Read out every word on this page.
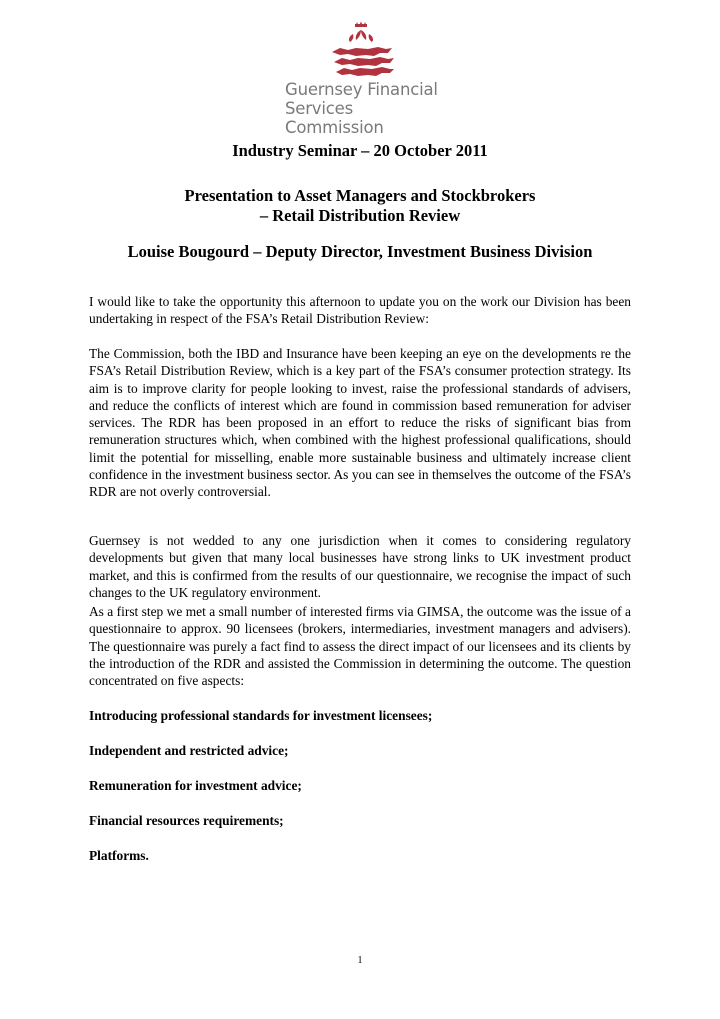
Guernsey Financial
Services Commission
Industry Seminar – 20 October 2011
Presentation to Asset Managers and Stockbrokers
– Retail Distribution Review
Louise Bougourd – Deputy Director, Investment Business Division

I would like to take the opportunity this afternoon to update you on the work our Division has been undertaking in respect of the FSA’s Retail Distribution Review:

The Commission, both the IBD and Insurance have been keeping an eye on the developments re the FSA’s Retail Distribution Review, which is a key part of the FSA’s consumer protection strategy. Its aim is to improve clarity for people looking to invest, raise the professional standards of advisers, and reduce the conflicts of interest which are found in commission based remuneration for adviser services. The RDR has been proposed in an effort to reduce the risks of significant bias from remuneration structures which, when combined with the highest professional qualifications, should limit the potential for misselling, enable more sustainable business and ultimately increase client confidence in the investment business sector. As you can see in themselves the outcome of the FSA’s RDR are not overly controversial.

Guernsey is not wedded to any one jurisdiction when it comes to considering regulatory developments but given that many local businesses have strong links to UK investment product market, and this is confirmed from the results of our questionnaire, we recognise the impact of such changes to the UK regulatory environment.

As a first step we met a small number of interested firms via GIMSA, the outcome was the issue of a questionnaire to approx. 90 licensees (brokers, intermediaries, investment managers and advisers). The questionnaire was purely a fact find to assess the direct impact of our licensees and its clients by the introduction of the RDR and assisted the Commission in determining the outcome. The question concentrated on five aspects:

Introducing professional standards for investment licensees;
Independent and restricted advice;
Remuneration for investment advice;
Financial resources requirements;
Platforms.
1
